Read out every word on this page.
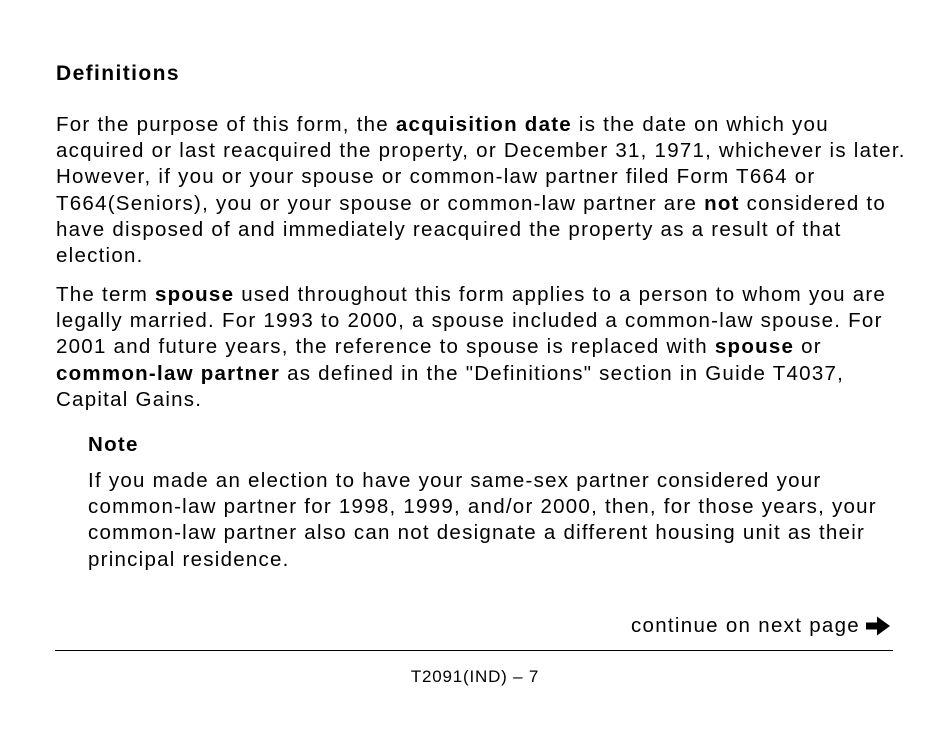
Definitions

For the purpose of this form, the acquisition date is the date on which you acquired or last reacquired the property, or December 31, 1971, whichever is later. However, if you or your spouse or common-law partner filed Form T664 or T664(Seniors), you or your spouse or common-law partner are not considered to have disposed of and immediately reacquired the property as a result of that election.

The term spouse used throughout this form applies to a person to whom you are legally married. For 1993 to 2000, a spouse included a common-law spouse. For 2001 and future years, the reference to spouse is replaced with spouse or common-law partner as defined in the "Definitions" section in Guide T4037, Capital Gains.

Note

If you made an election to have your same-sex partner considered your common-law partner for 1998, 1999, and/or 2000, then, for those years, your common-law partner also can not designate a different housing unit as their principal residence.

continue on next page
T2091(IND) – 7
